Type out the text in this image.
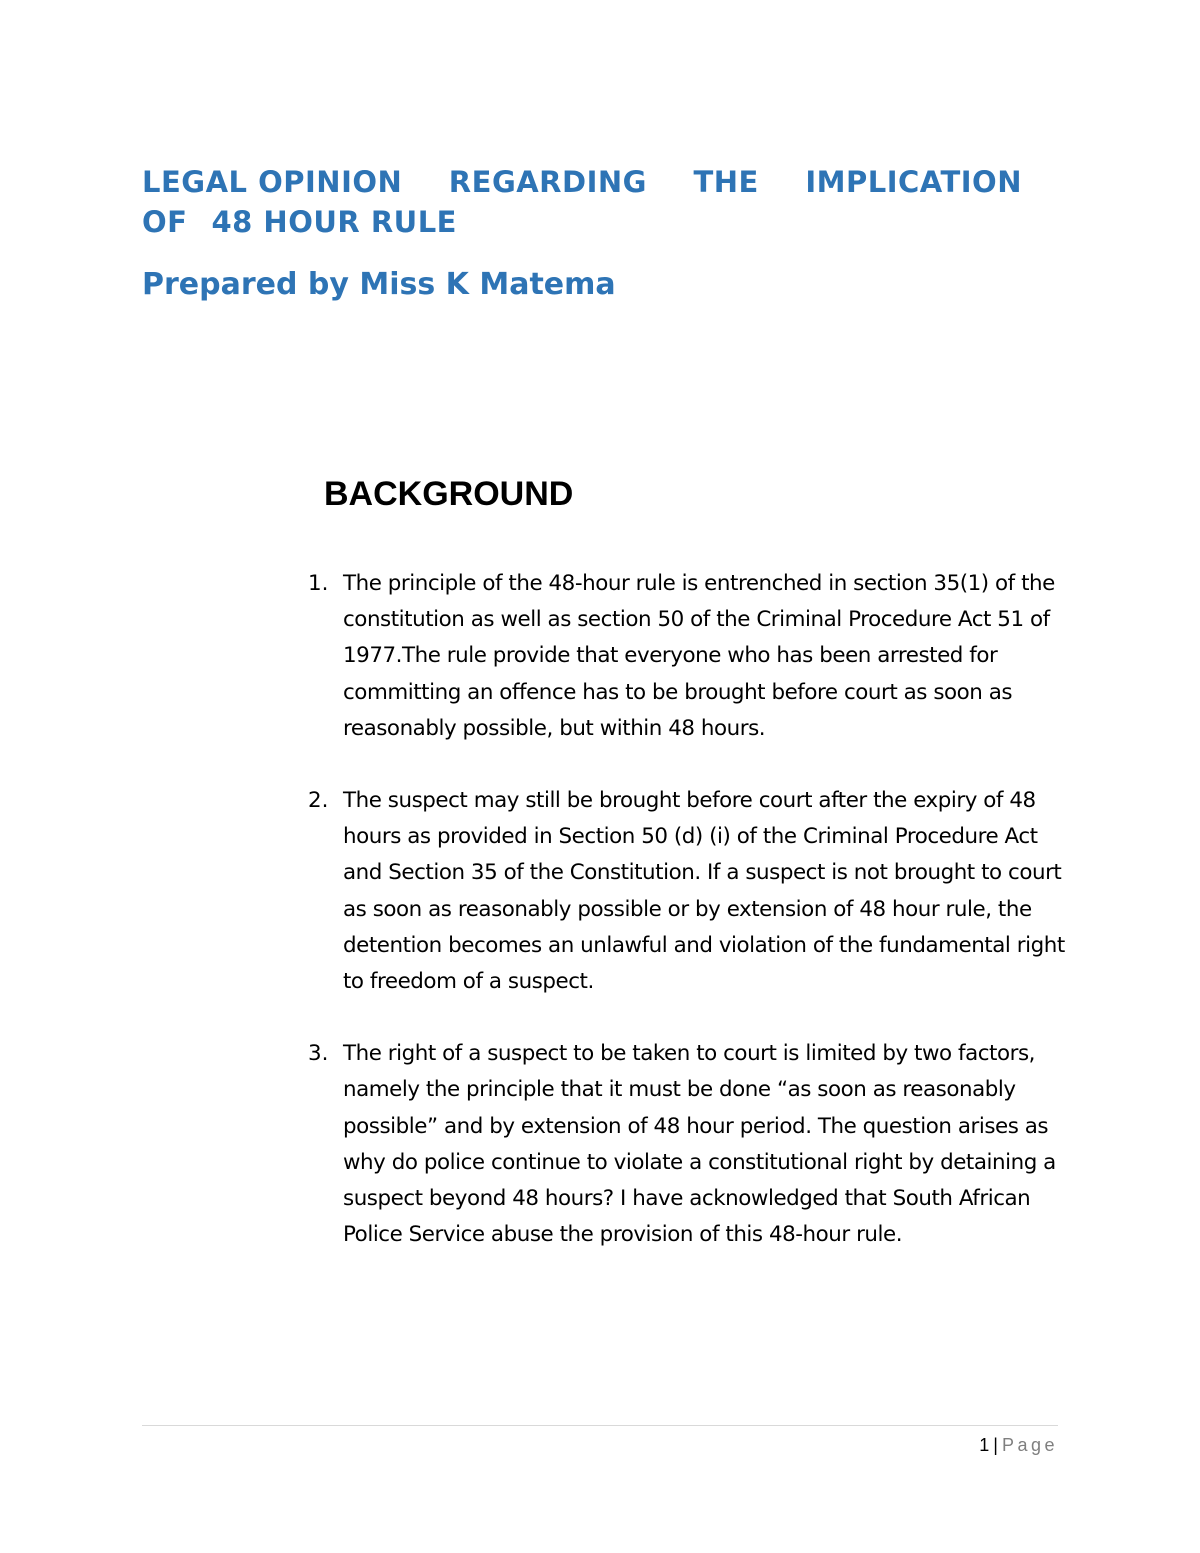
LEGAL OPINION REGARDING THE IMPLICATION
OF 48 HOUR RULE
Prepared by Miss K Matema
BACKGROUND
1. The principle of the 48-hour rule is entrenched in section 35(1) of the constitution as well as section 50 of the Criminal Procedure Act 51 of 1977.The rule provide that everyone who has been arrested for committing an offence has to be brought before court as soon as reasonably possible, but within 48 hours.
2. The suspect may still be brought before court after the expiry of 48 hours as provided in Section 50 (d) (i) of the Criminal Procedure Act and Section 35 of the Constitution. If a suspect is not brought to court as soon as reasonably possible or by extension of 48 hour rule, the detention becomes an unlawful and violation of the fundamental right to freedom of a suspect.
3. The right of a suspect to be taken to court is limited by two factors, namely the principle that it must be done “as soon as reasonably possible” and by extension of 48 hour period. The question arises as why do police continue to violate a constitutional right by detaining a suspect beyond 48 hours? I have acknowledged that South African Police Service abuse the provision of this 48-hour rule.
1 | Page
